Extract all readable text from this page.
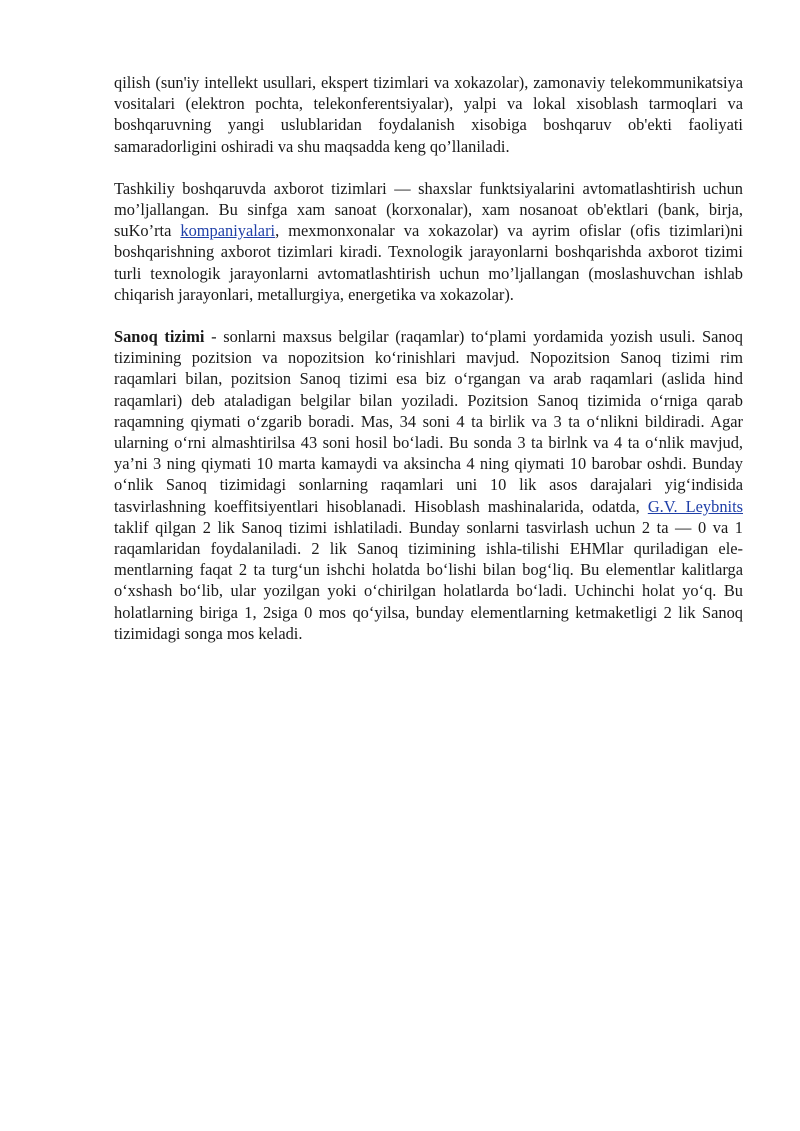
qilish (sun'iy intellekt usullari, ekspert tizimlari va xokazolar), zamonaviy telekommunikatsiya vositalari (elektron pochta, telekonferentsiyalar), yalpi va lokal xisoblash tarmoqlari va boshqaruvning yangi uslublaridan foydalanish xisobiga boshqaruv ob'ekti faoliyati samaradorligini oshiradi va shu maqsadda keng qo’llaniladi.

Tashkiliy boshqaruvda axborot tizimlari — shaxslar funktsiyalarini avtomatlashtirish uchun mo’ljallangan. Bu sinfga xam sanoat (korxonalar), xam nosanoat ob'ektlari (bank, birja, suKo’rta kompaniyalari, mexmonxonalar va xokazolar) va ayrim ofislar (ofis tizimlari)ni boshqarishning axborot tizimlari kiradi. Texnologik jarayonlarni boshqarishda axborot tizimi turli texnologik jarayonlarni avtomatlashtirish uchun mo’ljallangan (moslashuvchan ishlab chiqarish jarayonlari, metallurgiya, energetika va xokazolar).

Sanoq tizimi - sonlarni maxsus belgilar (raqamlar) to‘plami yordamida yozish usuli. Sanoq tizimining pozitsion va nopozitsion ko‘rinishlari mavjud. Nopozitsion Sanoq tizimi rim raqamlari bilan, pozitsion Sanoq tizimi esa biz o‘rgangan va arab raqamlari (aslida hind raqamlari) deb ataladigan belgilar bilan yoziladi. Pozitsion Sanoq tizimida o‘rniga qarab raqamning qiymati o‘zgarib boradi. Mas, 34 soni 4 ta birlik va 3 ta o‘nlikni bildiradi. Agar ularning o‘rni almashtirilsa 43 soni hosil bo‘ladi. Bu sonda 3 ta birlnk va 4 ta o‘nlik mavjud, ya’ni 3 ning qiymati 10 marta kamaydi va aksincha 4 ning qiymati 10 barobar oshdi. Bunday o‘nlik Sanoq tizimidagi sonlarning raqamlari uni 10 lik asos darajalari yig‘indisida tasvirlashning koeffitsiyentlari hisoblanadi. Hisoblash mashinalarida, odatda, G.V. Leybnits taklif qilgan 2 lik Sanoq tizimi ishlatiladi. Bunday sonlarni tasvirlash uchun 2 ta — 0 va 1 raqamlaridan foydalaniladi. 2 lik Sanoq tizimining ishla-tilishi EHMlar quriladigan ele-mentlarning faqat 2 ta turg‘un ishchi holatda bo‘lishi bilan bog‘liq. Bu elementlar kalitlarga o‘xshash bo‘lib, ular yozilgan yoki o‘chirilgan holatlarda bo‘ladi. Uchinchi holat yo‘q. Bu holatlarning biriga 1, 2siga 0 mos qo‘yilsa, bunday elementlarning ketmaketligi 2 lik Sanoq tizimidagi songa mos keladi.
